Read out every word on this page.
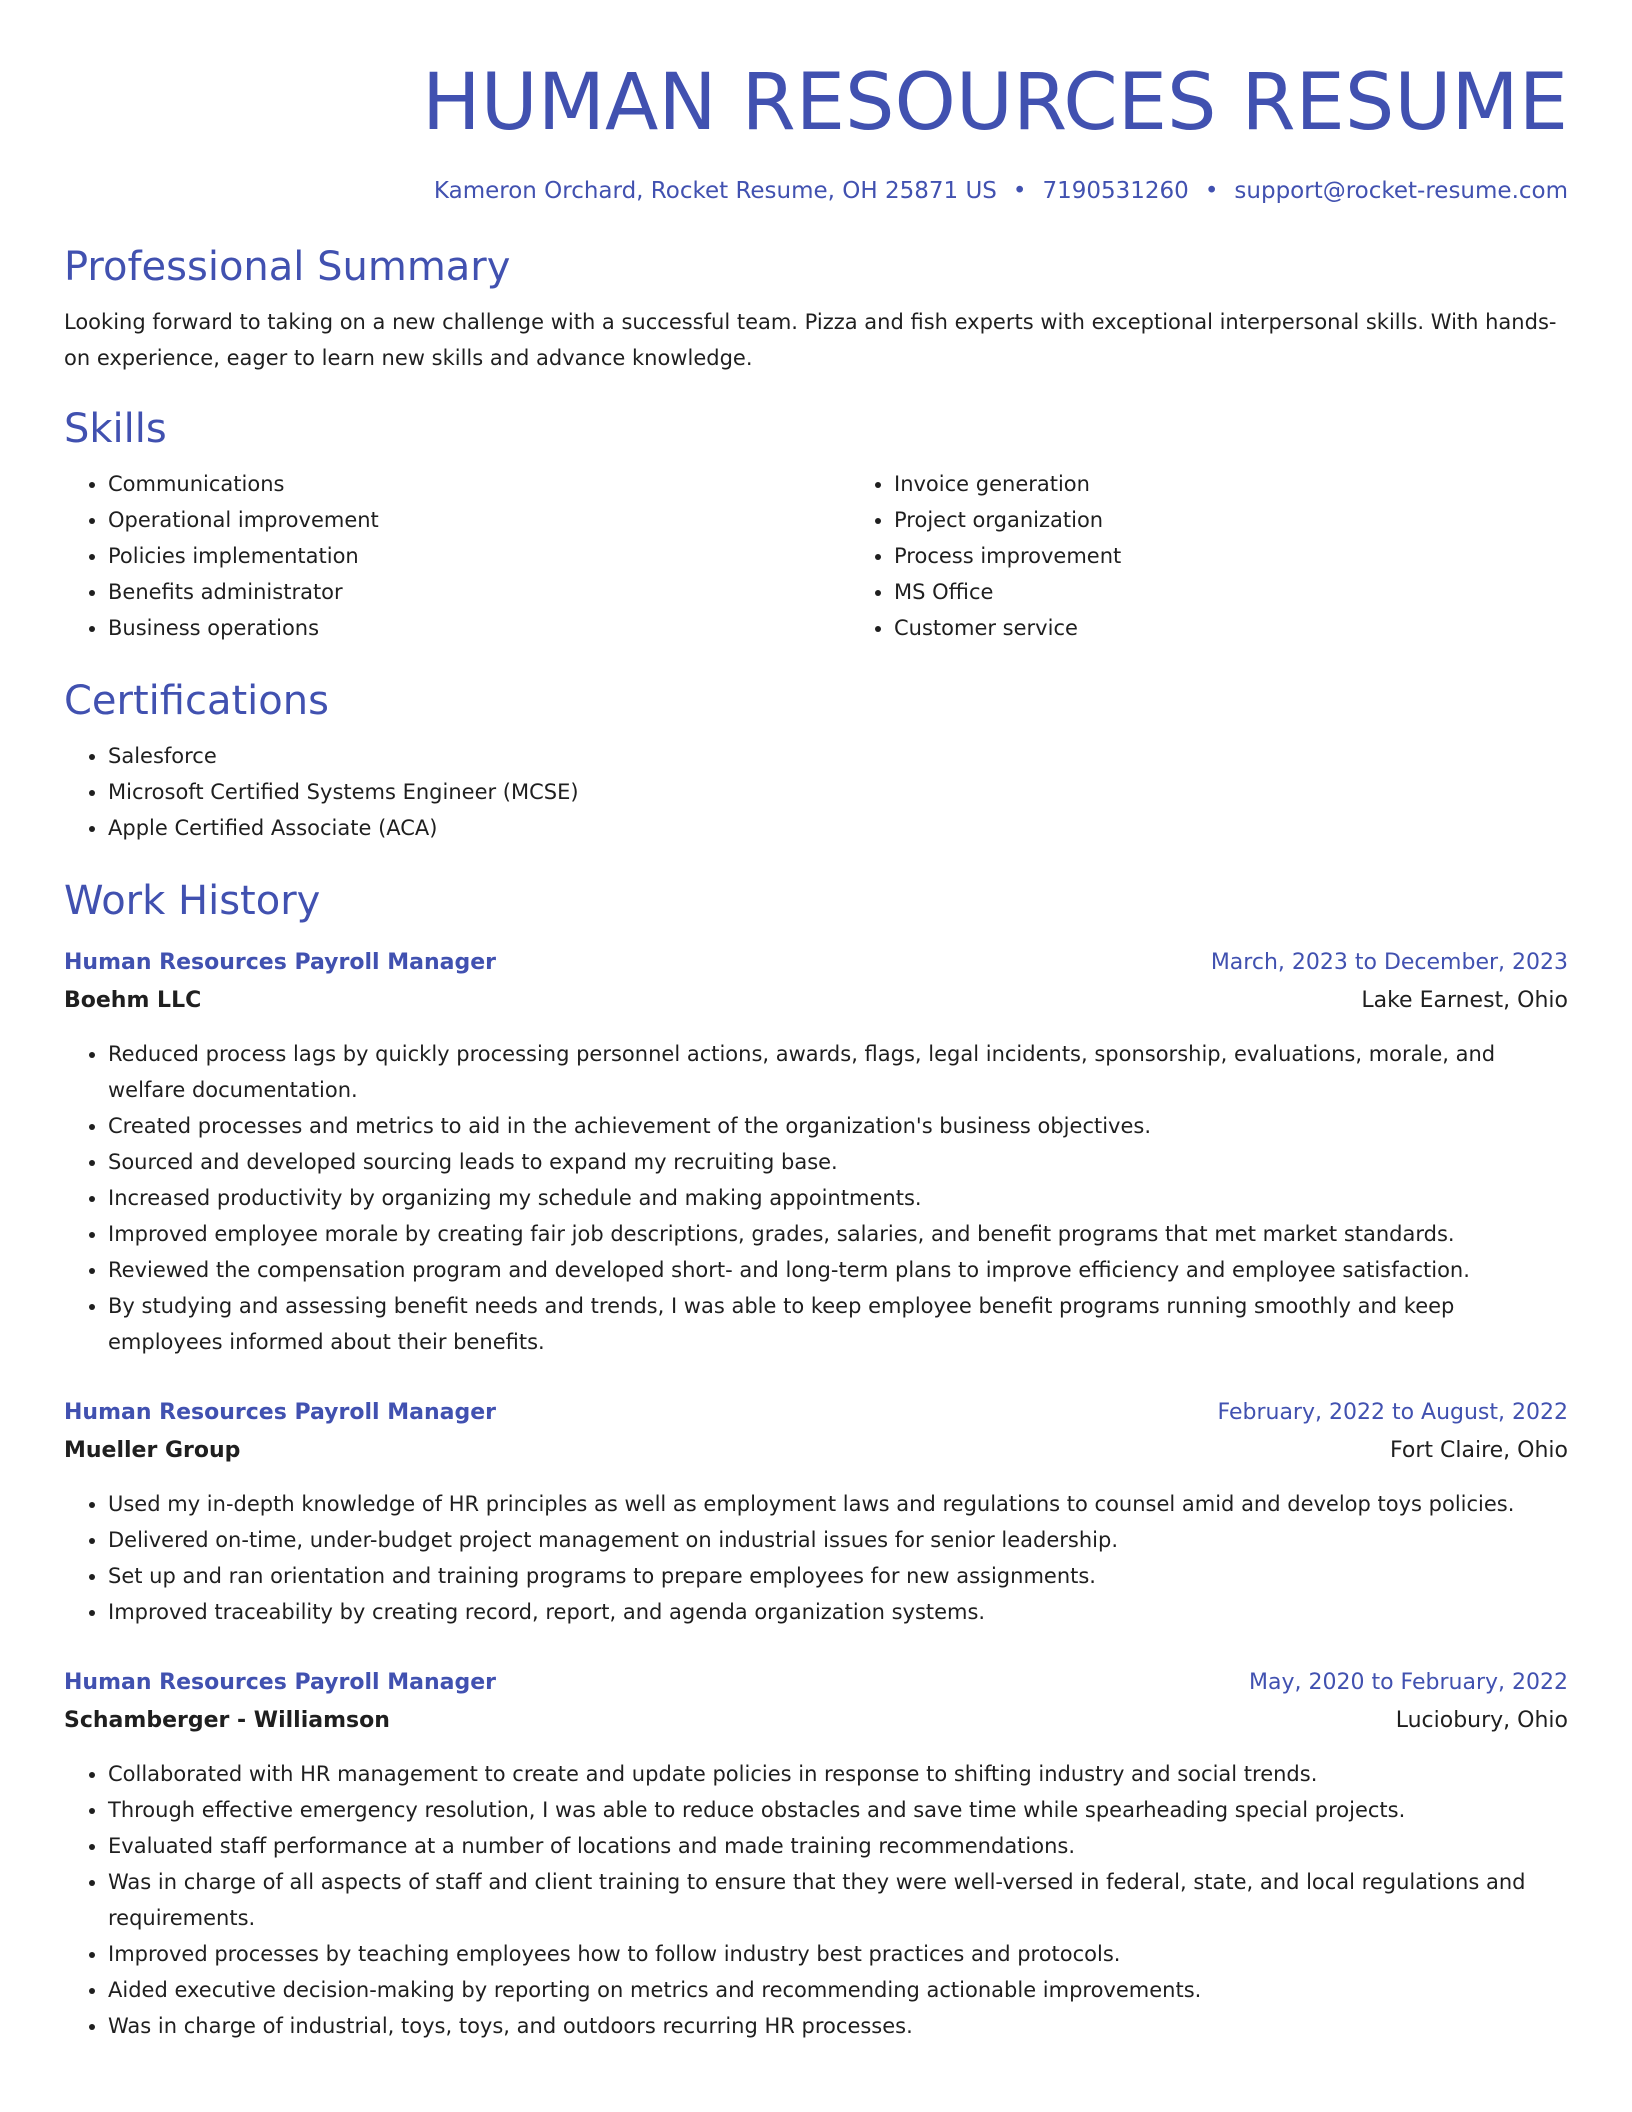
HUMAN RESOURCES RESUME
Kameron Orchard, Rocket Resume, OH 25871 US • 7190531260 • support@rocket-resume.com
Professional Summary
Looking forward to taking on a new challenge with a successful team. Pizza and fish experts with exceptional interpersonal skills. With hands-on experience, eager to learn new skills and advance knowledge.
Skills
• Communications
• Operational improvement
• Policies implementation
• Benefits administrator
• Business operations
• Invoice generation
• Project organization
• Process improvement
• MS Office
• Customer service
Certifications
• Salesforce
• Microsoft Certified Systems Engineer (MCSE)
• Apple Certified Associate (ACA)
Work History
Human Resources Payroll Manager	March, 2023 to December, 2023
Boehm LLC	Lake Earnest, Ohio
• Reduced process lags by quickly processing personnel actions, awards, flags, legal incidents, sponsorship, evaluations, morale, and welfare documentation.
• Created processes and metrics to aid in the achievement of the organization's business objectives.
• Sourced and developed sourcing leads to expand my recruiting base.
• Increased productivity by organizing my schedule and making appointments.
• Improved employee morale by creating fair job descriptions, grades, salaries, and benefit programs that met market standards.
• Reviewed the compensation program and developed short- and long-term plans to improve efficiency and employee satisfaction.
• By studying and assessing benefit needs and trends, I was able to keep employee benefit programs running smoothly and keep employees informed about their benefits.
Human Resources Payroll Manager	February, 2022 to August, 2022
Mueller Group	Fort Claire, Ohio
• Used my in-depth knowledge of HR principles as well as employment laws and regulations to counsel amid and develop toys policies.
• Delivered on-time, under-budget project management on industrial issues for senior leadership.
• Set up and ran orientation and training programs to prepare employees for new assignments.
• Improved traceability by creating record, report, and agenda organization systems.
Human Resources Payroll Manager	May, 2020 to February, 2022
Schamberger - Williamson	Luciobury, Ohio
• Collaborated with HR management to create and update policies in response to shifting industry and social trends.
• Through effective emergency resolution, I was able to reduce obstacles and save time while spearheading special projects.
• Evaluated staff performance at a number of locations and made training recommendations.
• Was in charge of all aspects of staff and client training to ensure that they were well-versed in federal, state, and local regulations and requirements.
• Improved processes by teaching employees how to follow industry best practices and protocols.
• Aided executive decision-making by reporting on metrics and recommending actionable improvements.
• Was in charge of industrial, toys, toys, and outdoors recurring HR processes.
